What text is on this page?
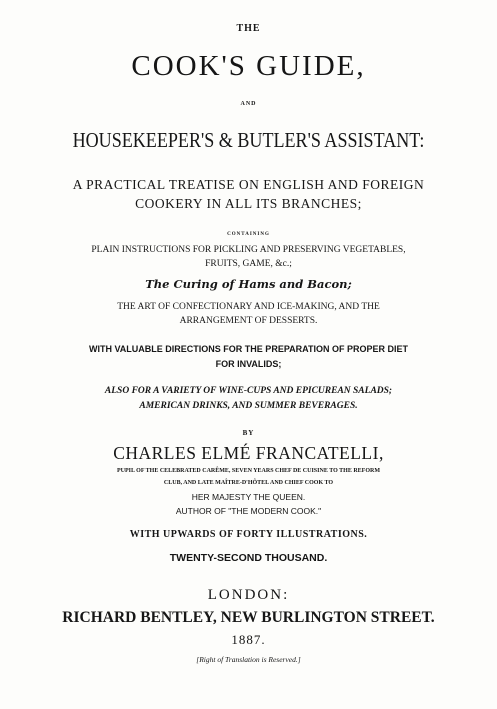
THE
COOK'S GUIDE,
AND
HOUSEKEEPER'S & BUTLER'S ASSISTANT:
A PRACTICAL TREATISE ON ENGLISH AND FOREIGN
COOKERY IN ALL ITS BRANCHES;
CONTAINING
PLAIN INSTRUCTIONS FOR PICKLING AND PRESERVING VEGETABLES,
FRUITS, GAME, &c.;
The Curing of Hams and Bacon;
THE ART OF CONFECTIONARY AND ICE-MAKING, AND THE
ARRANGEMENT OF DESSERTS.
WITH VALUABLE DIRECTIONS FOR THE PREPARATION OF PROPER DIET
FOR INVALIDS;
ALSO FOR A VARIETY OF WINE-CUPS AND EPICUREAN SALADS;
AMERICAN DRINKS, AND SUMMER BEVERAGES.
BY
CHARLES ELMÉ FRANCATELLI,
PUPIL OF THE CELEBRATED CARÊME, SEVEN YEARS CHEF DE CUISINE TO THE REFORM
CLUB, AND LATE MAÎTRE-D'HÔTEL AND CHIEF COOK TO
HER MAJESTY THE QUEEN.
AUTHOR OF "THE MODERN COOK."
WITH UPWARDS OF FORTY ILLUSTRATIONS.
TWENTY-SECOND THOUSAND.
LONDON:
RICHARD BENTLEY, NEW BURLINGTON STREET.
1887.
[Right of Translation is Reserved.]
